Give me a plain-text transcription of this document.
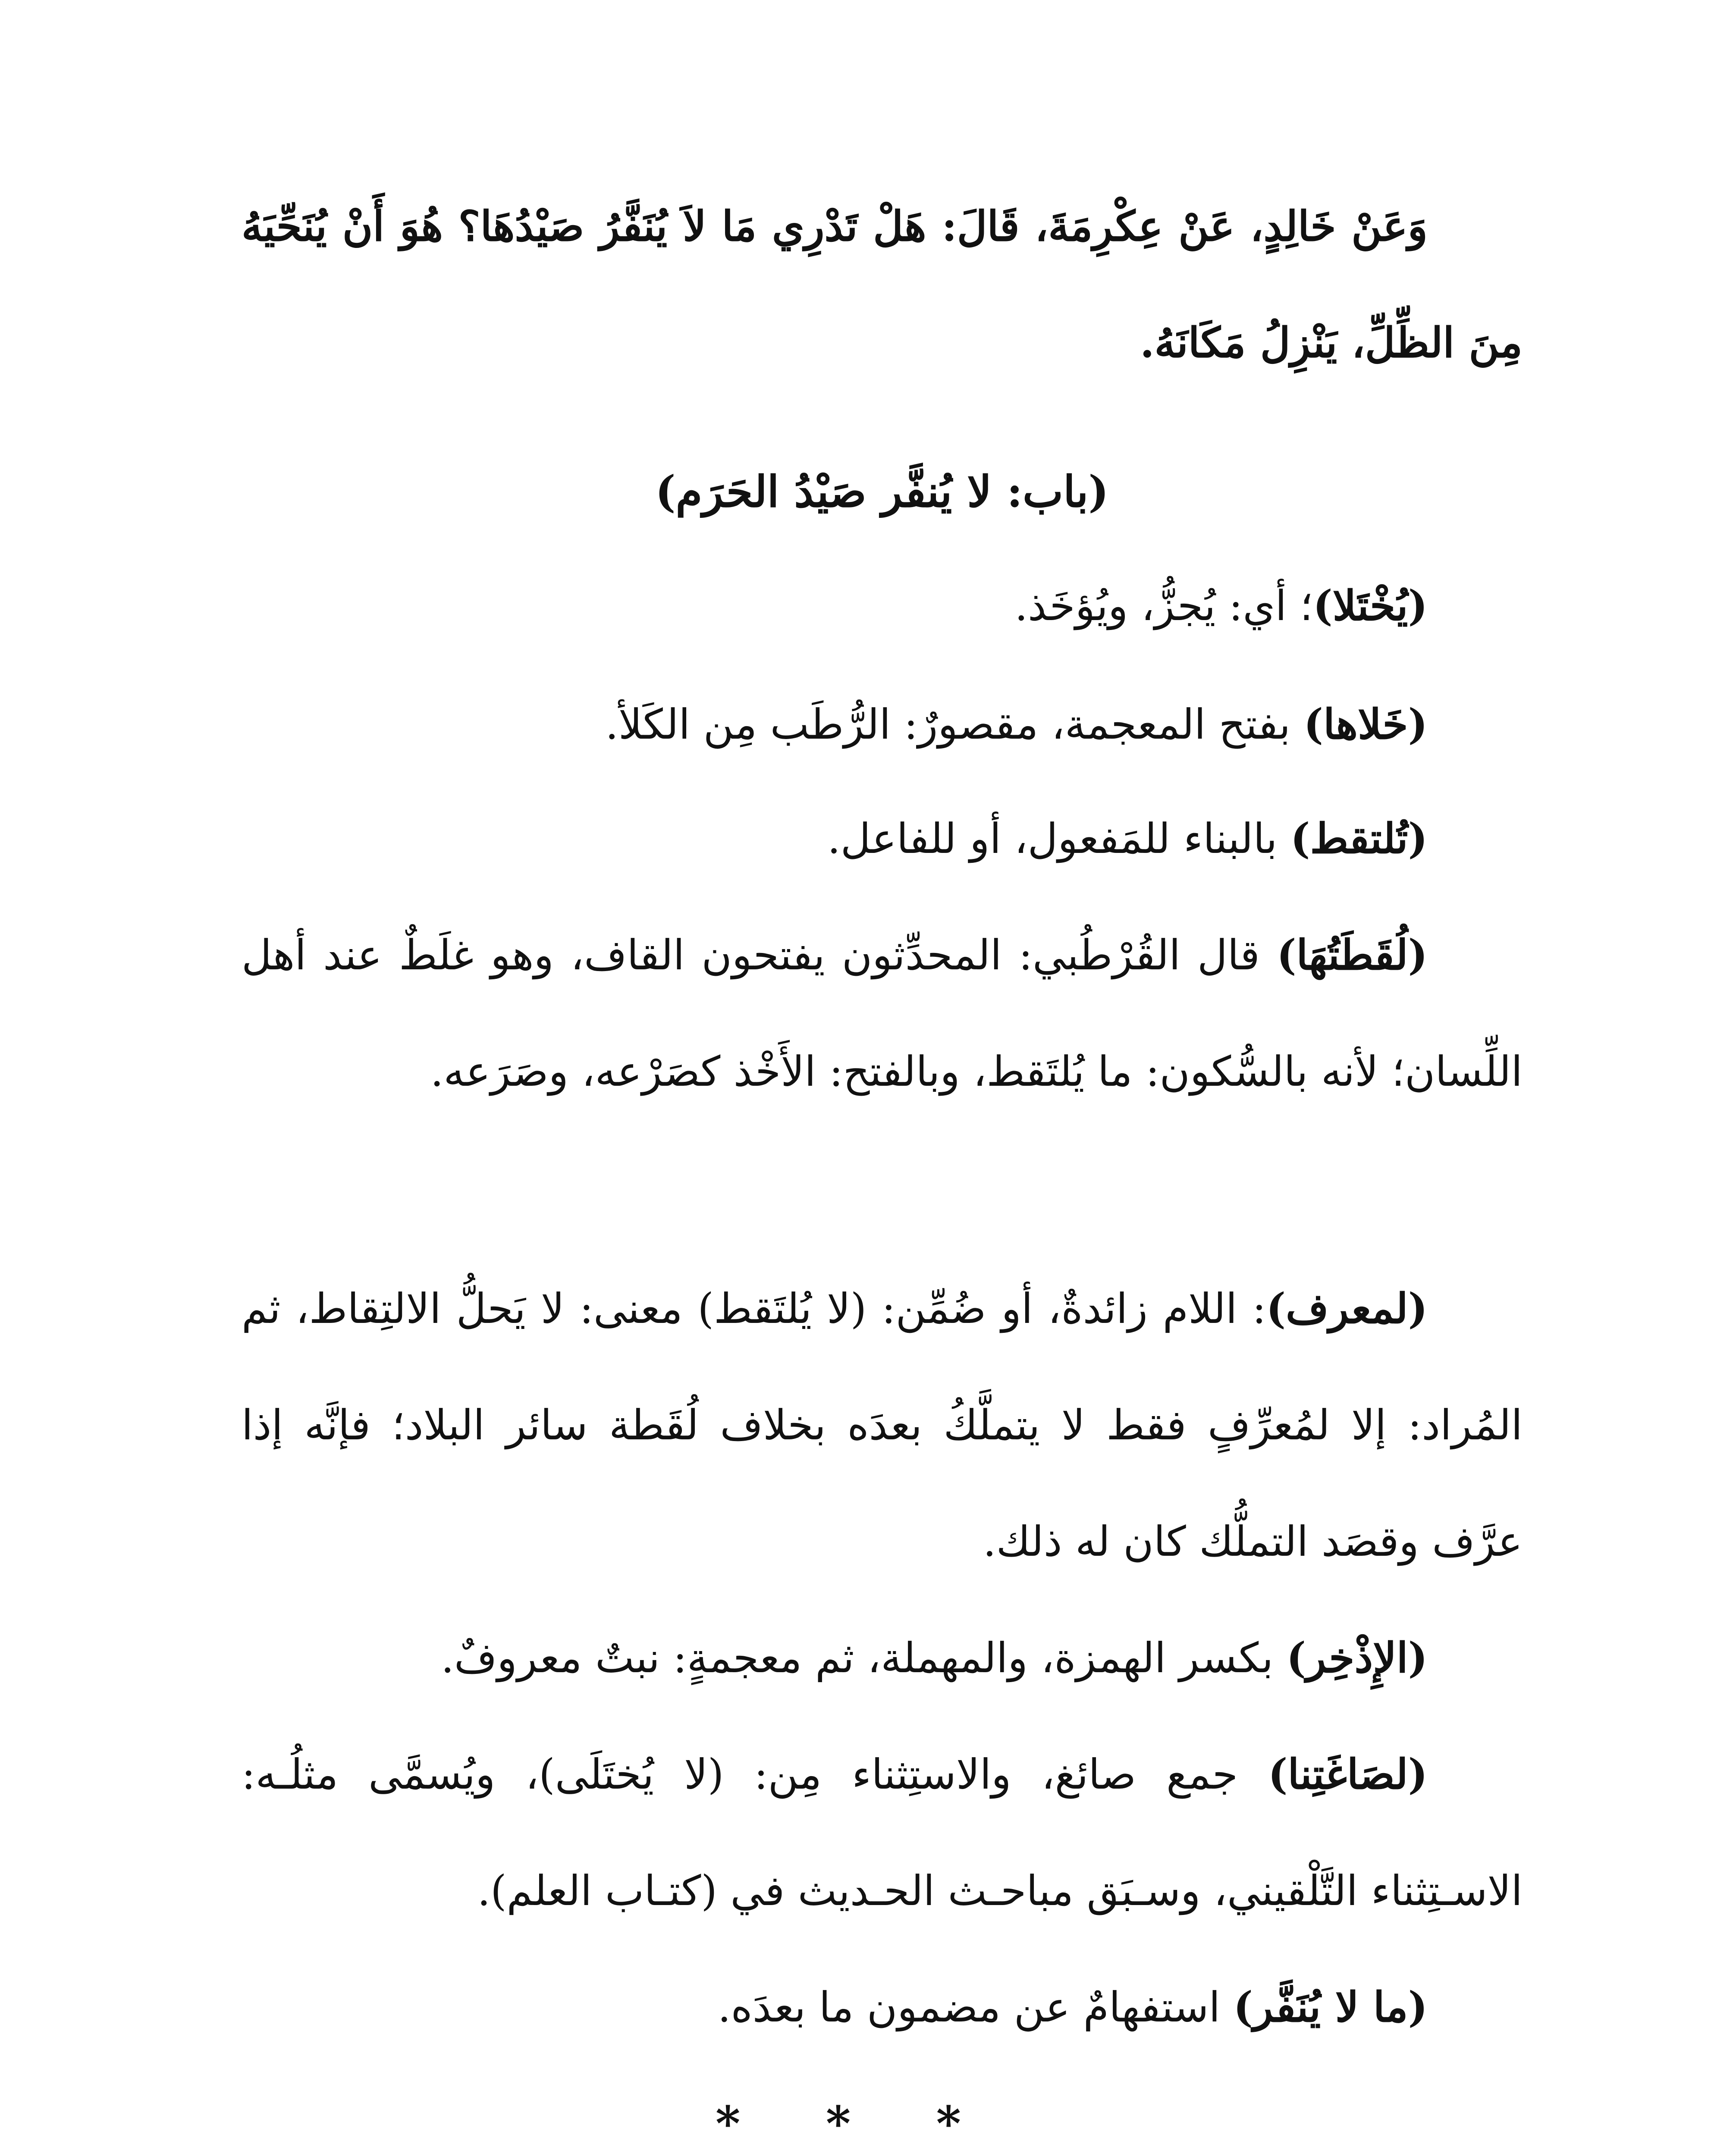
وَعَنْ خَالِدٍ، عَنْ عِكْرِمَةَ، قَالَ: هَلْ تَدْرِي مَا لاَ يُنَفَّرُ صَيْدُهَا؟ هُوَ أَنْ يُنَحِّيَهُ مِنَ الظِّلِّ، يَنْزِلُ مَكَانَهُ.

(باب: لا يُنفَّر صَيْدُ الحَرَم)

(يُخْتَلا)؛ أي: يُجزُّ، ويُؤخَذ.

(خَلاها) بفتح المعجمة، مقصورٌ: الرُّطَب مِن الكَلأ.

(تُلتقط) بالبناء للمَفعول، أو للفاعل.

(لُقَطَتُهَا) قال القُرْطُبي: المحدِّثون يفتحون القاف، وهو غلَطٌ عند أهل اللِّسان؛ لأنه بالسُّكون: ما يُلتَقط، وبالفتح: الأَخْذ كصَرْعه، وصَرَعه.

(لمعرف): اللام زائدةٌ، أو ضُمِّن: (لا يُلتَقط) معنى: لا يَحلُّ الالتِقاط، ثم المُراد: إلا لمُعرِّفٍ فقط لا يتملَّكُ بعدَه بخلاف لُقَطة سائر البلاد؛ فإنَّه إذا عرَّف وقصَد التملُّك كان له ذلك.

(الإِذْخِر) بكسر الهمزة، والمهملة، ثم معجمةٍ: نبتٌ معروفٌ.

(لصَاغَتِنا) جمع صائغ، والاستِثناء مِن: (لا يُختَلَى)، ويُسمَّى مثلُـه: الاسـتِثناء التَّلْقيني، وسـبَق مباحـث الحـديث في (كتـاب العلم).

(ما لا يُنَفَّر) استفهامٌ عن مضمون ما بعدَه.

* * *
